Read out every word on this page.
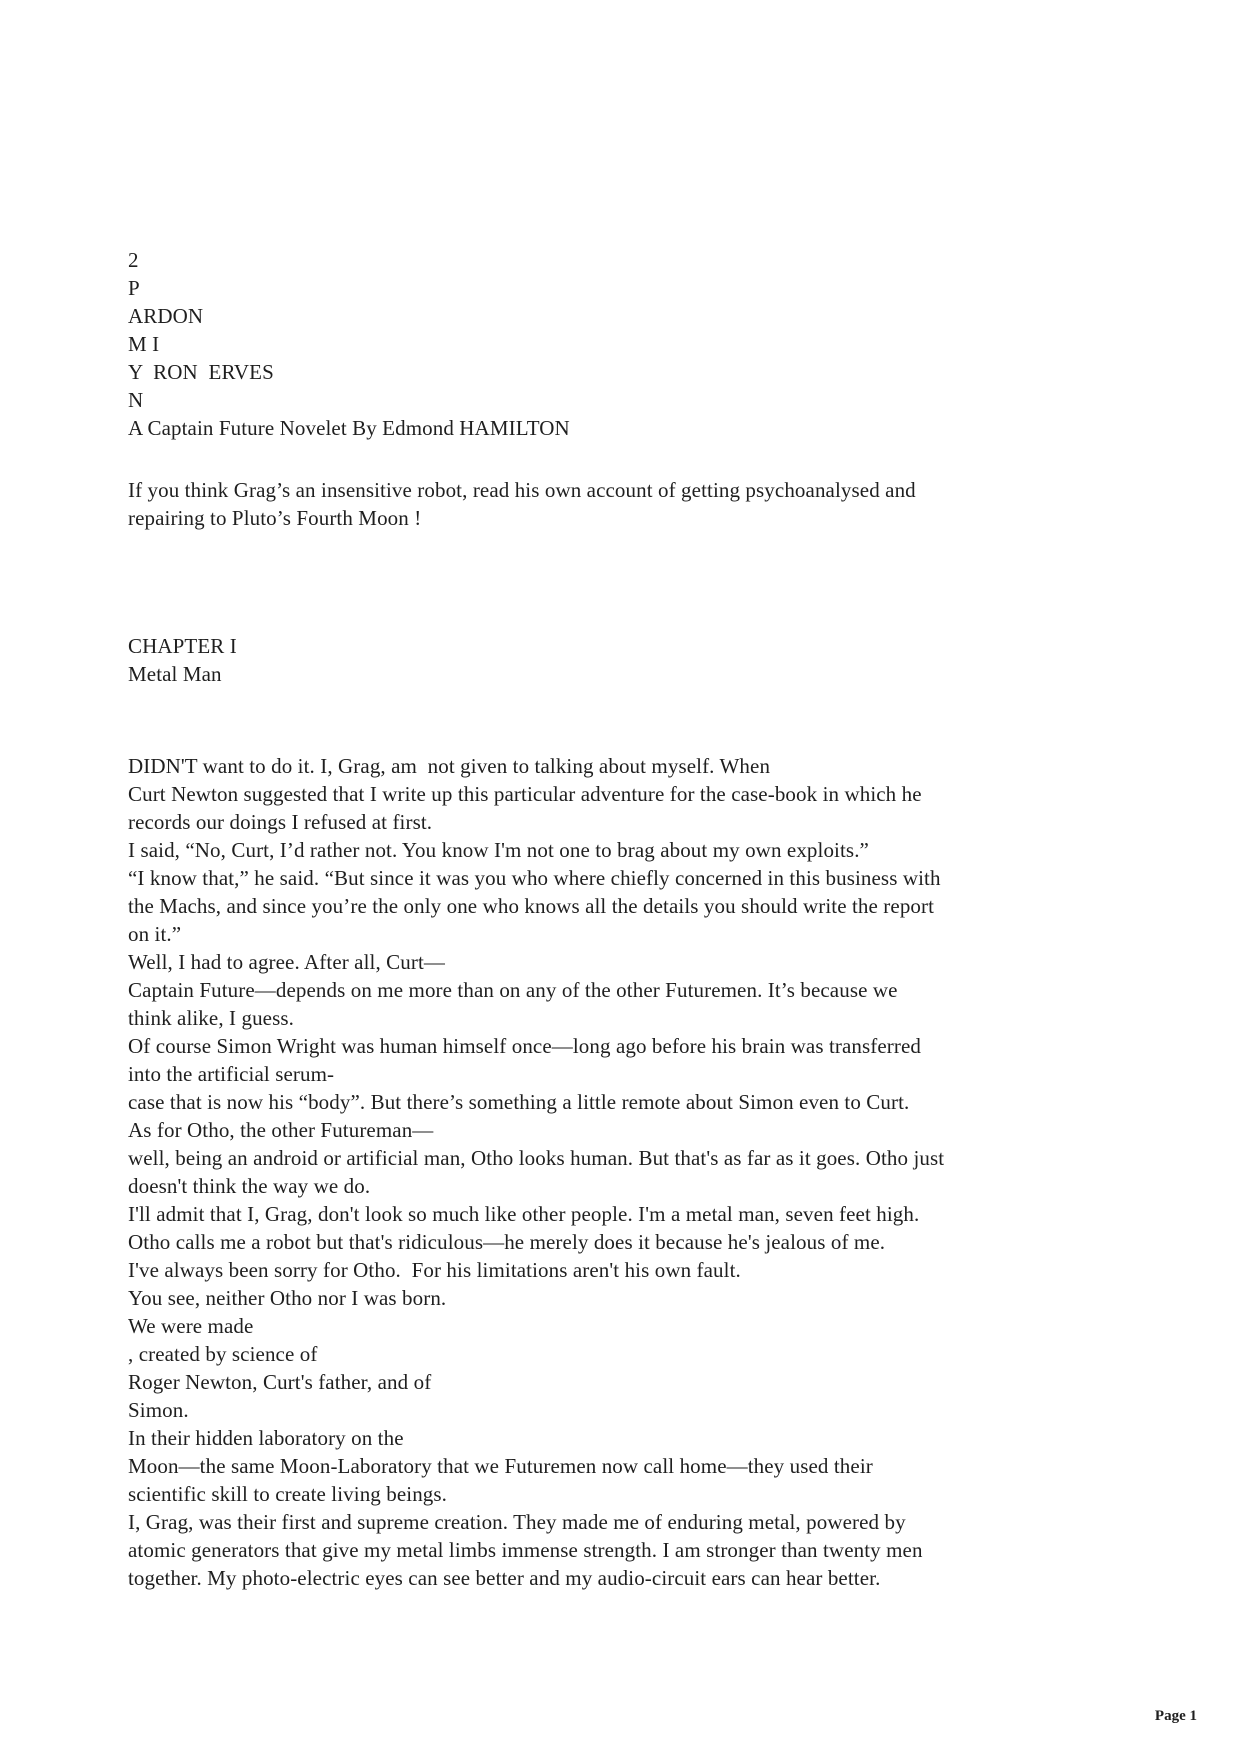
2
P
ARDON
M I
Y  RON  ERVES
N
A Captain Future Novelet By Edmond HAMILTON
If you think Grag’s an insensitive robot, read his own account of getting psychoanalysed and
repairing to Pluto’s Fourth Moon !
CHAPTER I
Metal Man
DIDN'T want to do it. I, Grag, am  not given to talking about myself. When
Curt Newton suggested that I write up this particular adventure for the case-book in which he
records our doings I refused at first.
I said, “No, Curt, I’d rather not. You know I'm not one to brag about my own exploits.”
“I know that,” he said. “But since it was you who where chiefly concerned in this business with
the Machs, and since you’re the only one who knows all the details you should write the report
on it.”
Well, I had to agree. After all, Curt—
Captain Future—depends on me more than on any of the other Futuremen. It’s because we
think alike, I guess.
Of course Simon Wright was human himself once—long ago before his brain was transferred
into the artificial serum-
case that is now his “body”. But there’s something a little remote about Simon even to Curt.
As for Otho, the other Futureman—
well, being an android or artificial man, Otho looks human. But that's as far as it goes. Otho just
doesn't think the way we do.
I'll admit that I, Grag, don't look so much like other people. I'm a metal man, seven feet high.
Otho calls me a robot but that's ridiculous—he merely does it because he's jealous of me.
I've always been sorry for Otho.  For his limitations aren't his own fault.
You see, neither Otho nor I was born.
We were made
, created by science of
Roger Newton, Curt's father, and of
Simon.
In their hidden laboratory on the
Moon—the same Moon-Laboratory that we Futuremen now call home—they used their
scientific skill to create living beings.
I, Grag, was their first and supreme creation. They made me of enduring metal, powered by
atomic generators that give my metal limbs immense strength. I am stronger than twenty men
together. My photo-electric eyes can see better and my audio-circuit ears can hear better.
Page 1
